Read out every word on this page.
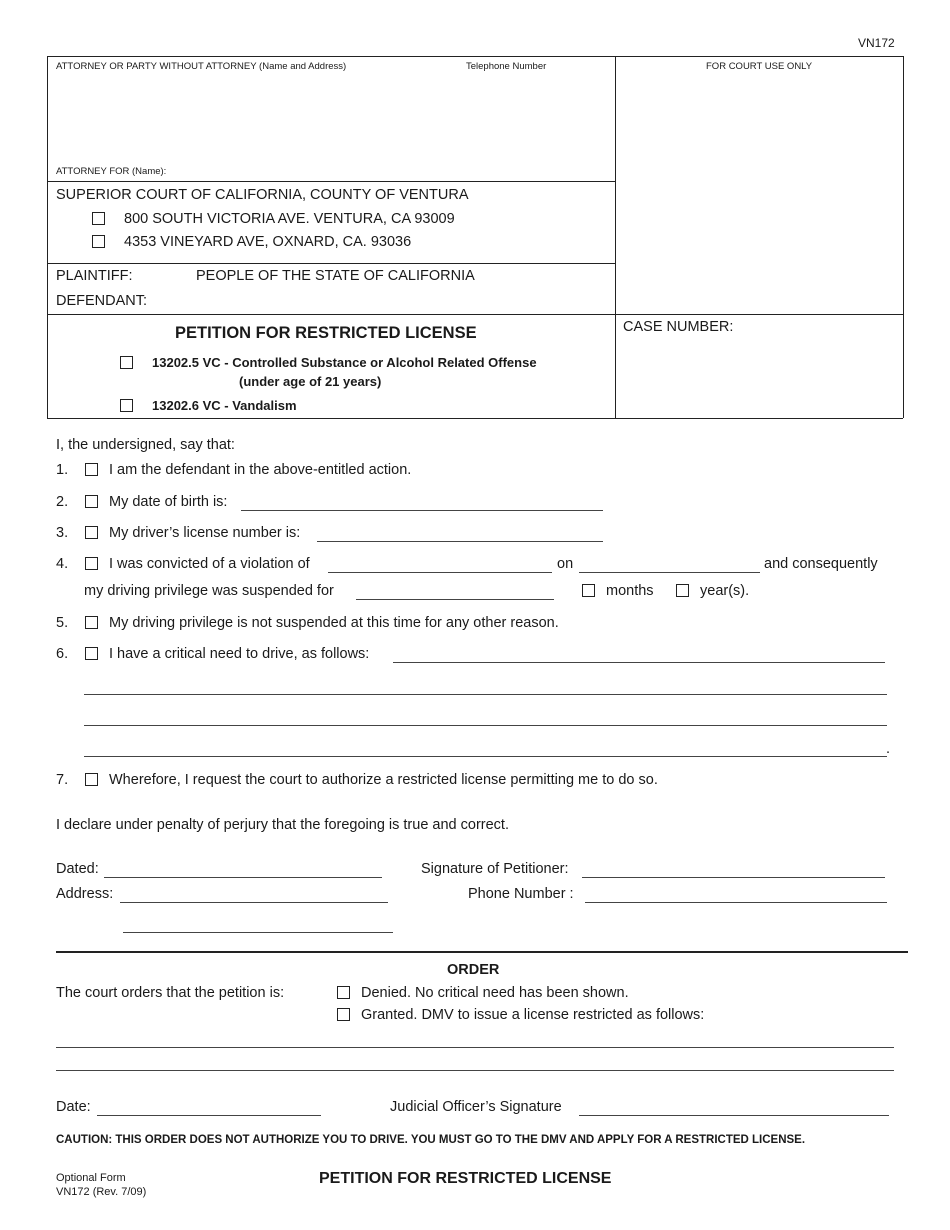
VN172
ATTORNEY OR PARTY WITHOUT ATTORNEY (Name and Address)	Telephone Number	FOR COURT USE ONLY
ATTORNEY FOR (Name):
SUPERIOR COURT OF CALIFORNIA, COUNTY OF VENTURA
800 SOUTH VICTORIA AVE. VENTURA, CA 93009
4353 VINEYARD AVE, OXNARD, CA. 93036
PLAINTIFF:	PEOPLE OF THE STATE OF CALIFORNIA
DEFENDANT:
PETITION FOR RESTRICTED LICENSE
13202.5 VC - Controlled Substance or Alcohol Related Offense
(under age of 21 years)
13202.6 VC - Vandalism
CASE NUMBER:
I, the undersigned, say that:
1.	I am the defendant in the above-entitled action.
2.	My date of birth is:
3.	My driver’s license number is:
4.	I was convicted of a violation of	on	and consequently
my driving privilege was suspended for	months	year(s).
5.	My driving privilege is not suspended at this time for any other reason.
6.	I have a critical need to drive, as follows:
.
7.	Wherefore, I request the court to authorize a restricted license permitting me to do so.
I declare under penalty of perjury that the foregoing is true and correct.
Dated:	Signature of Petitioner:
Address:	Phone Number :
ORDER
The court orders that the petition is:	Denied. No critical need has been shown.
Granted. DMV to issue a license restricted as follows:
Date:	Judicial Officer’s Signature
CAUTION: THIS ORDER DOES NOT AUTHORIZE YOU TO DRIVE. YOU MUST GO TO THE DMV AND APPLY FOR A RESTRICTED LICENSE.
Optional Form
VN172 (Rev. 7/09)
PETITION FOR RESTRICTED LICENSE
